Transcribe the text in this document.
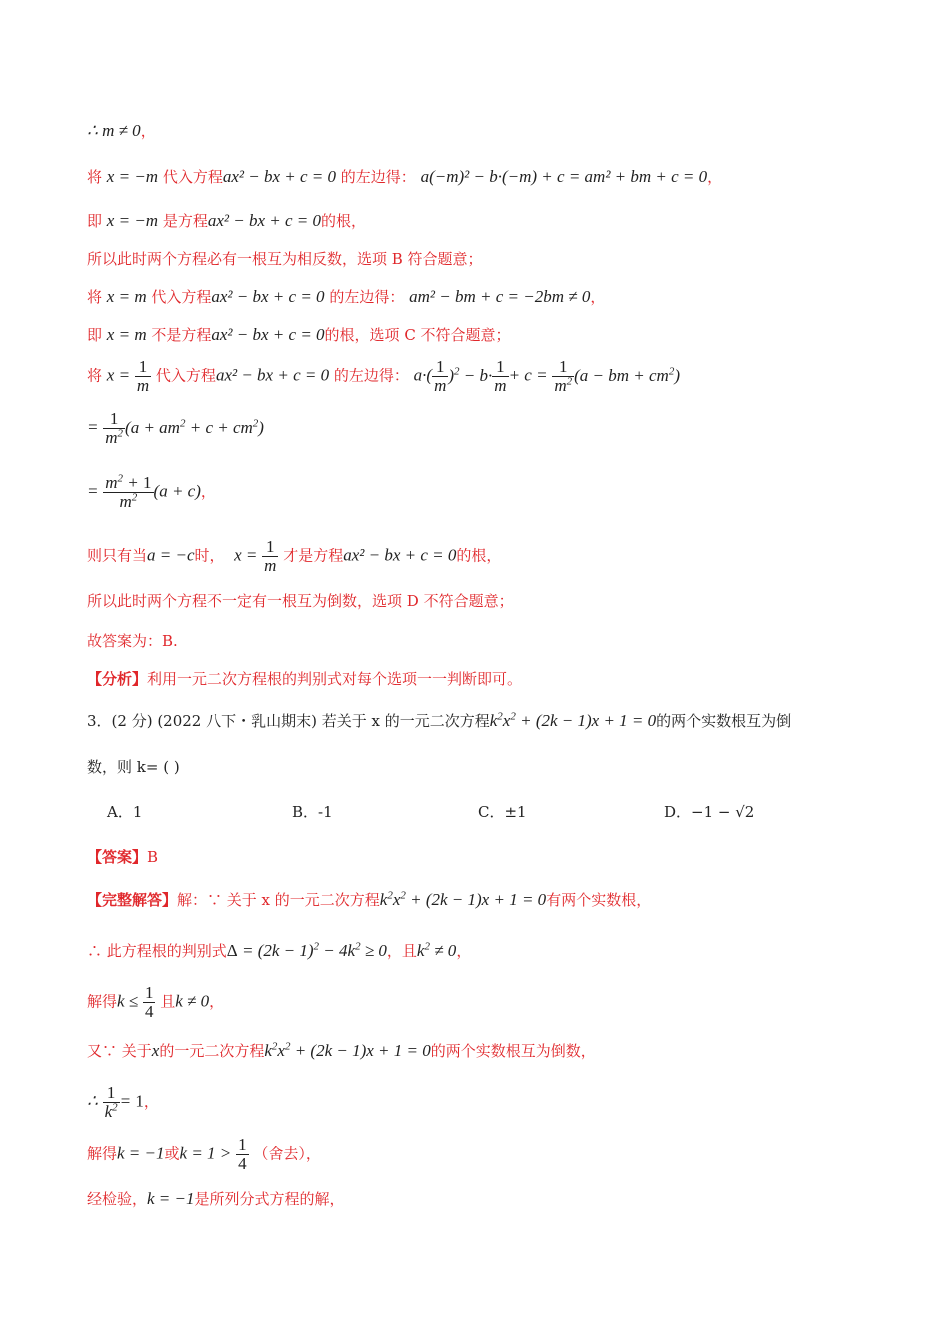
∴ m ≠ 0，
将 x = −m 代入方程ax² − bx + c = 0 的左边得： a(−m)² − b·(−m) + c = am² + bm + c = 0，
即 x = −m 是方程ax² − bx + c = 0的根，
所以此时两个方程必有一根互为相反数，选项 B 符合题意；
将 x = m 代入方程ax² − bx + c = 0 的左边得： am² − bm + c = −2bm ≠ 0，
即 x = m 不是方程ax² − bx + c = 0的根，选项 C 不符合题意；
将 $x = \frac{1}{m}$ 代入方程ax² − bx + c = 0 的左边得： $a\cdot( \frac{1}{m} )^2 - b\cdot \frac{1}{m} + c = \frac{1}{m^2} (a$ − bm + $cm^2$)
= $\frac{1}{m^2} (a + am^2 + c + cm^2)$
= $\frac{m^2 + 1}{m^2} (a + c)$，
则只有当a = −c时， $x = \frac{1}{m}$ 才是方程ax² − bx + c = 0的根，
所以此时两个方程不一定有一根互为倒数，选项 D 不符合题意；
故答案为：B.
【分析】利用一元二次方程根的判别式对每个选项一一判断即可。
3．(2 分) (2022 八下・乳山期末) 若关于 x 的一元二次方程$k^2x^2 + (2k - 1)x + 1 = 0$的两个实数根互为倒
数，则 k= ( )
A．1	B．-1	C．±1	D．−1 − √2
【答案】B
【完整解答】解：∵ 关于 x 的一元二次方程$k^2x^2 + (2k - 1)x + 1 = 0$有两个实数根，
∴ 此方程根的判别式$\Delta = (2k - 1)^2 - 4k^2 \ge 0$，且$k^2 \ne 0$，
解得$k \le \frac{1}{4}$ 且k ≠ 0，
又∵ 关于x的一元二次方程$k^2x^2 + (2k - 1)x + 1 = 0$的两个实数根互为倒数，
∴ $\frac{1}{k^2} = 1$，
解得k = −1或$k = 1 > \frac{1}{4}$ （舍去），
经检验，k = −1是所列分式方程的解，
